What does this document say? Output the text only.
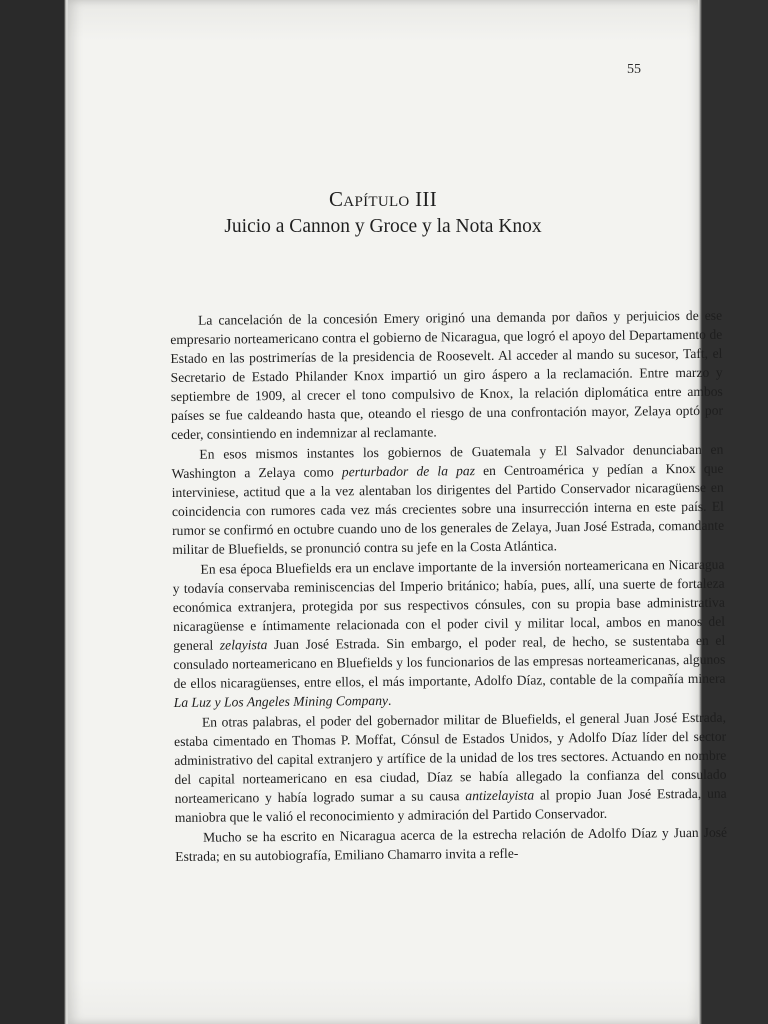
55
Capítulo III
Juicio a Cannon y Groce y la Nota Knox

La cancelación de la concesión Emery originó una demanda por daños y perjuicios de ese empresario norteamericano contra el gobierno de Nicaragua, que logró el apoyo del Departamento de Estado en las postrimerías de la presidencia de Roosevelt. Al acceder al mando su sucesor, Taft, el Secretario de Estado Philander Knox impartió un giro áspero a la reclamación. Entre marzo y septiembre de 1909, al crecer el tono compulsivo de Knox, la relación diplomática entre ambos países se fue caldeando hasta que, oteando el riesgo de una confrontación mayor, Zelaya optó por ceder, consintiendo en indemnizar al reclamante.

En esos mismos instantes los gobiernos de Guatemala y El Salvador denunciaban en Washington a Zelaya como perturbador de la paz en Centroamérica y pedían a Knox que interviniese, actitud que a la vez alentaban los dirigentes del Partido Conservador nicaragüense en coincidencia con rumores cada vez más crecientes sobre una insurrección interna en este país. El rumor se confirmó en octubre cuando uno de los generales de Zelaya, Juan José Estrada, comandante militar de Bluefields, se pronunció contra su jefe en la Costa Atlántica.

En esa época Bluefields era un enclave importante de la inversión norteamericana en Nicaragua y todavía conservaba reminiscencias del Imperio británico; había, pues, allí, una suerte de fortaleza económica extranjera, protegida por sus respectivos cónsules, con su propia base administrativa nicaragüense e íntimamente relacionada con el poder civil y militar local, ambos en manos del general zelayista Juan José Estrada. Sin embargo, el poder real, de hecho, se sustentaba en el consulado norteamericano en Bluefields y los funcionarios de las empresas norteamericanas, algunos de ellos nicaragüenses, entre ellos, el más importante, Adolfo Díaz, contable de la compañía minera La Luz y Los Angeles Mining Company.

En otras palabras, el poder del gobernador militar de Bluefields, el general Juan José Estrada, estaba cimentado en Thomas P. Moffat, Cónsul de Estados Unidos, y Adolfo Díaz líder del sector administrativo del capital extranjero y artífice de la unidad de los tres sectores. Actuando en nombre del capital norteamericano en esa ciudad, Díaz se había allegado la confianza del consulado norteamericano y había logrado sumar a su causa antizelayista al propio Juan José Estrada, una maniobra que le valió el reconocimiento y admiración del Partido Conservador.

Mucho se ha escrito en Nicaragua acerca de la estrecha relación de Adolfo Díaz y Juan José Estrada; en su autobiografía, Emiliano Chamarro invita a refle-
